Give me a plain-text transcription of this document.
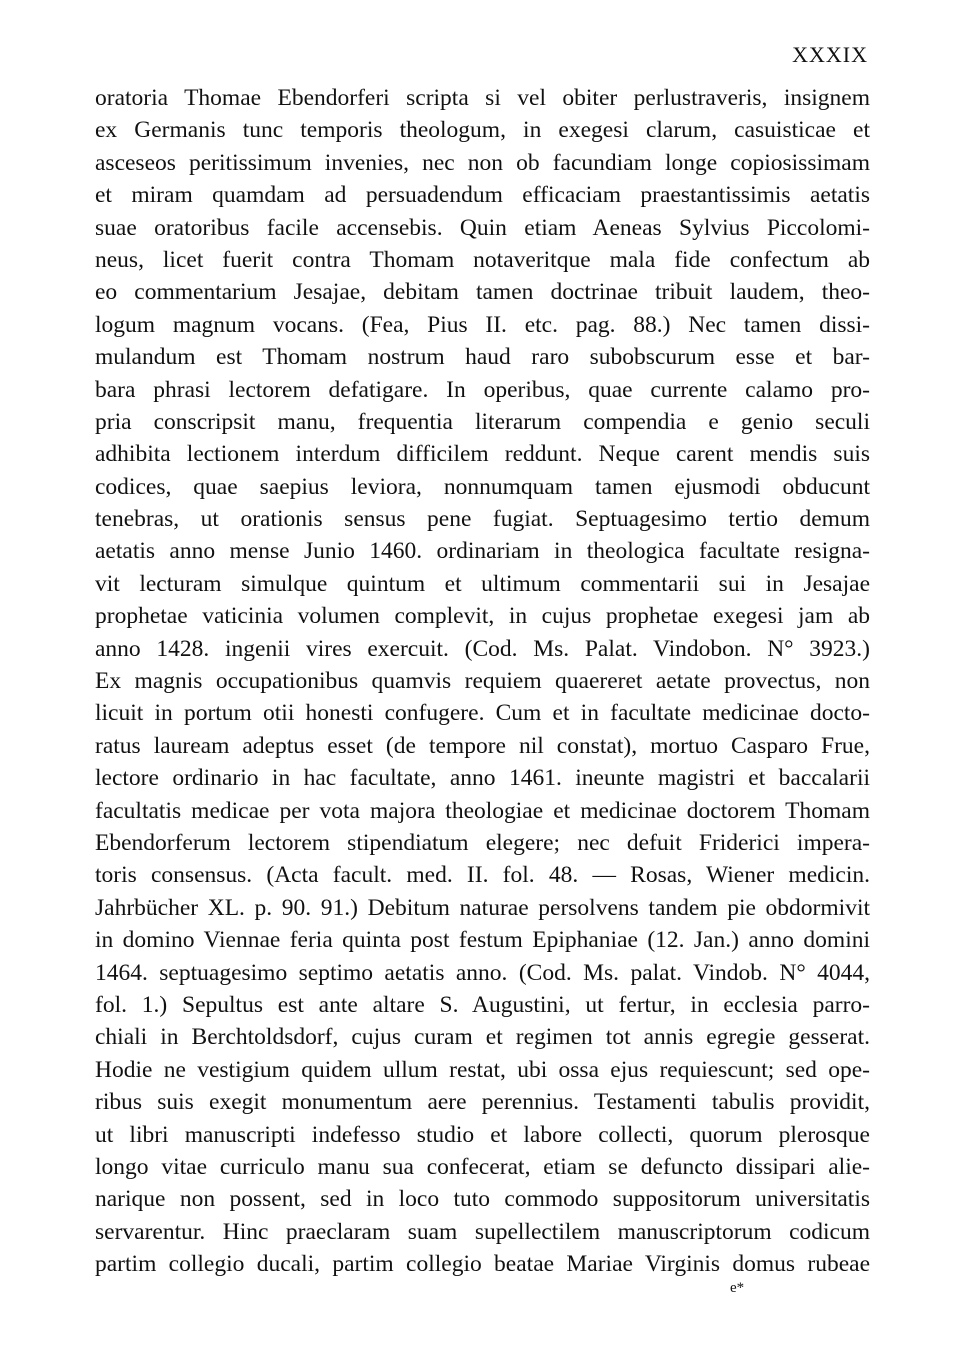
XXXIX
oratoria Thomae Ebendorferi scripta si vel obiter perlustraveris, insignem
ex Germanis tunc temporis theologum, in exegesi clarum, casuisticae et
asceseos peritissimum invenies, nec non ob facundiam longe copiosissimam
et miram quamdam ad persuadendum efficaciam praestantissimis aetatis
suae oratoribus facile accensebis. Quin etiam Aeneas Sylvius Piccolomi-
neus, licet fuerit contra Thomam notaveritque mala fide confectum ab
eo commentarium Jesajae, debitam tamen doctrinae tribuit laudem, theo-
logum magnum vocans. (Fea, Pius II. etc. pag. 88.) Nec tamen dissi-
mulandum est Thomam nostrum haud raro subobscurum esse et bar-
bara phrasi lectorem defatigare. In operibus, quae currente calamo pro-
pria conscripsit manu, frequentia literarum compendia e genio seculi
adhibita lectionem interdum difficilem reddunt. Neque carent mendis suis
codices, quae saepius leviora, nonnumquam tamen ejusmodi obducunt
tenebras, ut orationis sensus pene fugiat. Septuagesimo tertio demum
aetatis anno mense Junio 1460. ordinariam in theologica facultate resigna-
vit lecturam simulque quintum et ultimum commentarii sui in Jesajae
prophetae vaticinia volumen complevit, in cujus prophetae exegesi jam ab
anno 1428. ingenii vires exercuit. (Cod. Ms. Palat. Vindobon. N° 3923.)
Ex magnis occupationibus quamvis requiem quaereret aetate provectus, non
licuit in portum otii honesti confugere. Cum et in facultate medicinae docto-
ratus lauream adeptus esset (de tempore nil constat), mortuo Casparo Frue,
lectore ordinario in hac facultate, anno 1461. ineunte magistri et baccalarii
facultatis medicae per vota majora theologiae et medicinae doctorem Thomam
Ebendorferum lectorem stipendiatum elegere; nec defuit Friderici impera-
toris consensus. (Acta facult. med. II. fol. 48. — Rosas, Wiener medicin.
Jahrbücher XL. p. 90. 91.) Debitum naturae persolvens tandem pie obdormivit
in domino Viennae feria quinta post festum Epiphaniae (12. Jan.) anno domini
1464. septuagesimo septimo aetatis anno. (Cod. Ms. palat. Vindob. N° 4044,
fol. 1.) Sepultus est ante altare S. Augustini, ut fertur, in ecclesia parro-
chiali in Berchtoldsdorf, cujus curam et regimen tot annis egregie gesserat.
Hodie ne vestigium quidem ullum restat, ubi ossa ejus requiescunt; sed ope-
ribus suis exegit monumentum aere perennius. Testamenti tabulis providit,
ut libri manuscripti indefesso studio et labore collecti, quorum plerosque
longo vitae curriculo manu sua confecerat, etiam se defuncto dissipari alie-
narique non possent, sed in loco tuto commodo suppositorum universitatis
servarentur. Hinc praeclaram suam supellectilem manuscriptorum codicum
partim collegio ducali, partim collegio beatae Mariae Virginis domus rubeae
e*
